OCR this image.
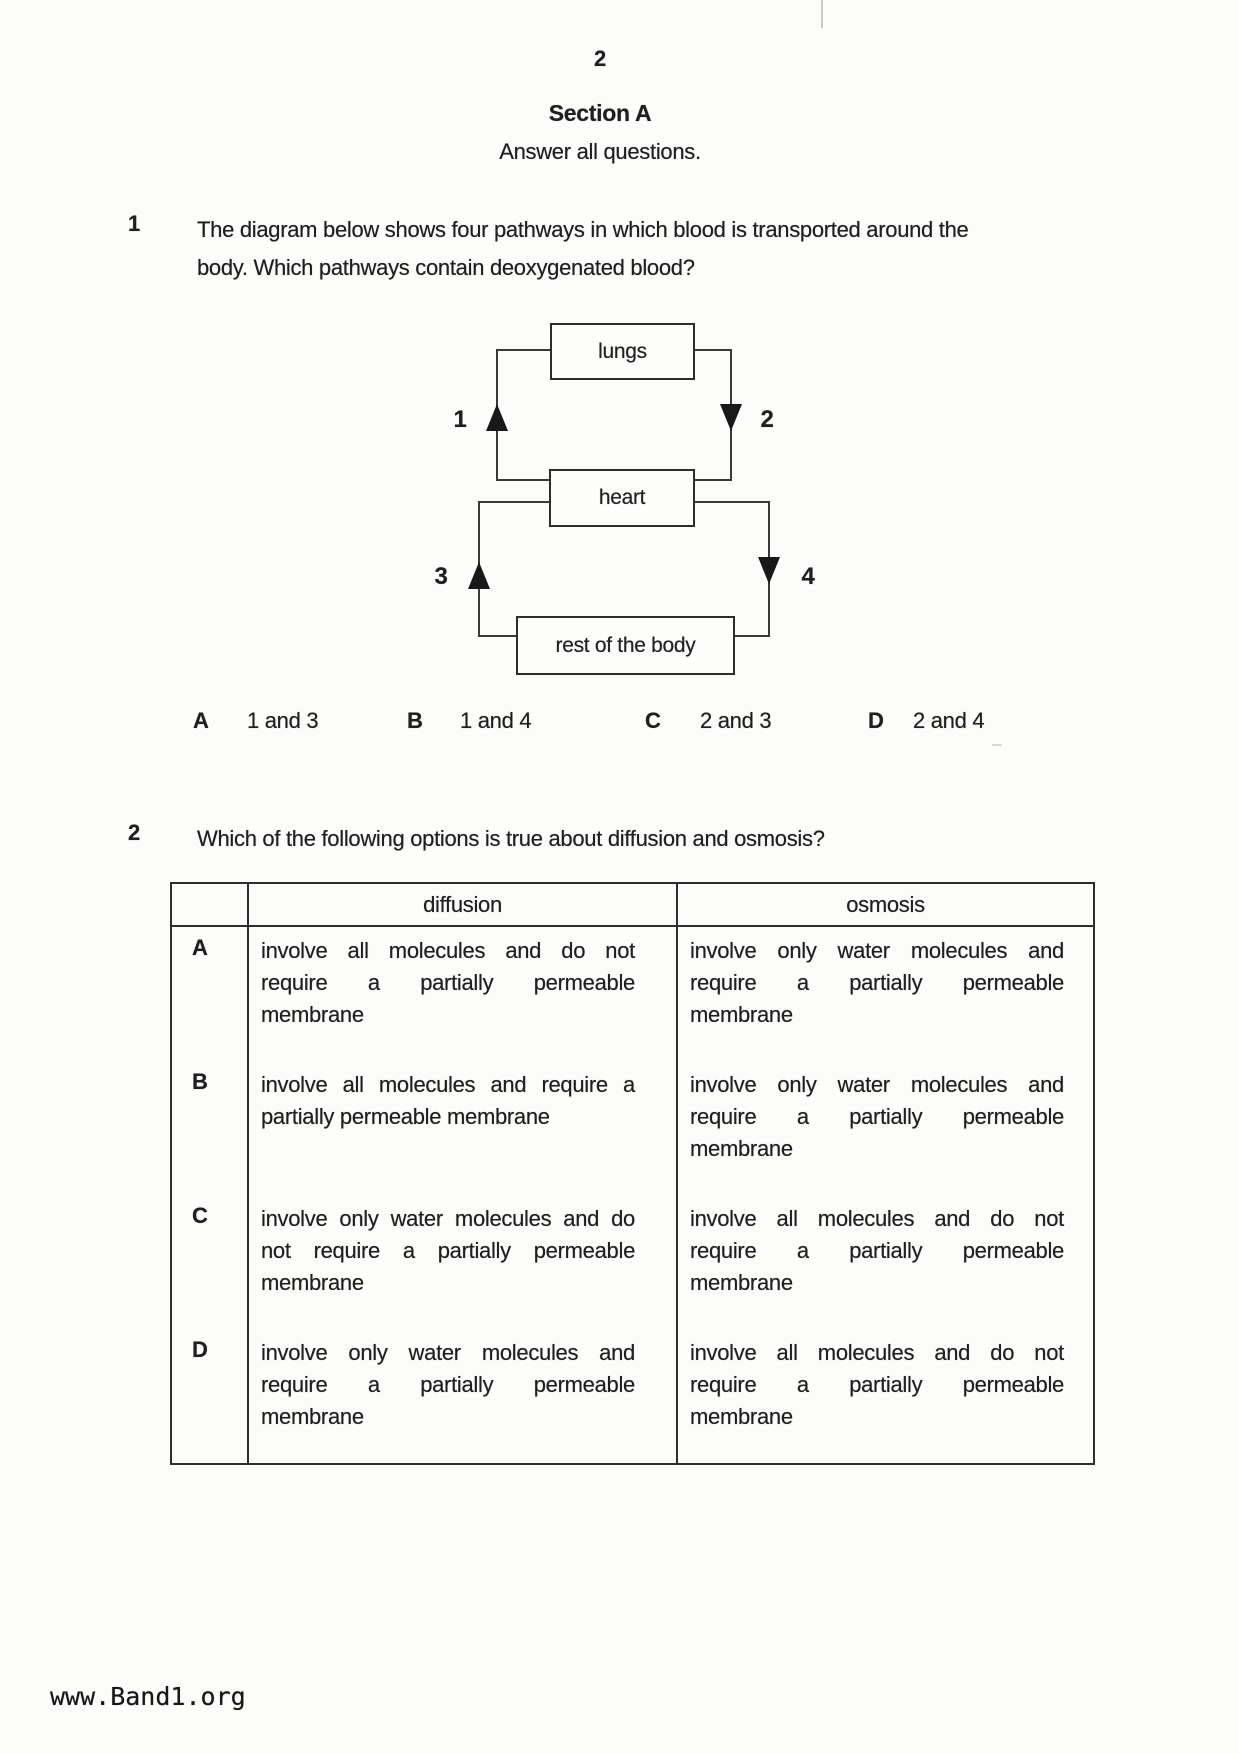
2
Section A
Answer all questions.
1	The diagram below shows four pathways in which blood is transported around the body. Which pathways contain deoxygenated blood?
1	2
3	4
lungs
heart
rest of the body
A 1 and 3	B 1 and 4	C 2 and 3	D 2 and 4
2	Which of the following options is true about diffusion and osmosis?
	diffusion	osmosis
A	involve all molecules and do not require a partially permeable membrane	involve only water molecules and require a partially permeable membrane

B	involve all molecules and require a partially permeable membrane	involve only water molecules and require a partially permeable membrane

C	involve only water molecules and do not require a partially permeable membrane	involve all molecules and do not require a partially permeable membrane

D	involve only water molecules and require a partially permeable membrane	involve all molecules and do not require a partially permeable membrane
www.Band1.org
